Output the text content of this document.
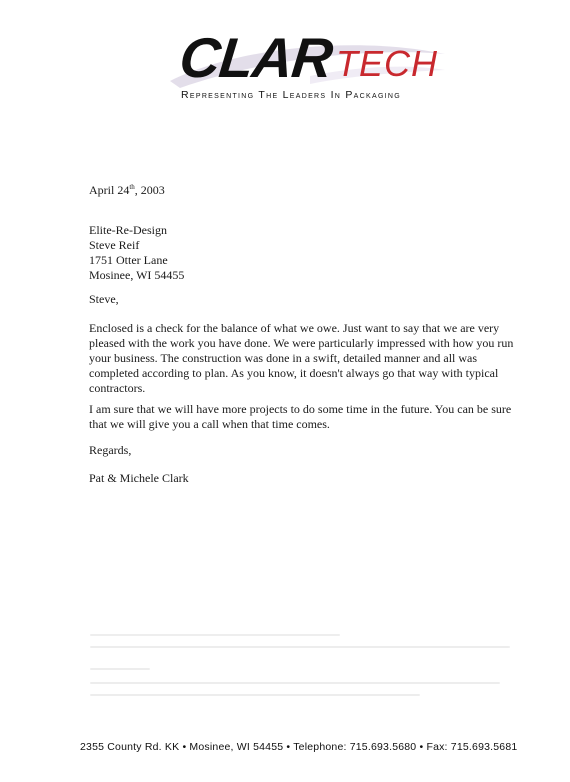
CLAR TECH
Representing The Leaders In Packaging
April 24th, 2003
Elite-Re-Design
Steve Reif
1751 Otter Lane
Mosinee, WI 54455
Steve,
Enclosed is a check for the balance of what we owe. Just want to say that we are very pleased with the work you have done. We were particularly impressed with how you run your business. The construction was done in a swift, detailed manner and all was completed according to plan. As you know, it doesn't always go that way with typical contractors.
I am sure that we will have more projects to do some time in the future. You can be sure that we will give you a call when that time comes.
Regards,
Pat & Michele Clark
2355 County Rd. KK • Mosinee, WI 54455 • Telephone: 715.693.5680 • Fax: 715.693.5681
